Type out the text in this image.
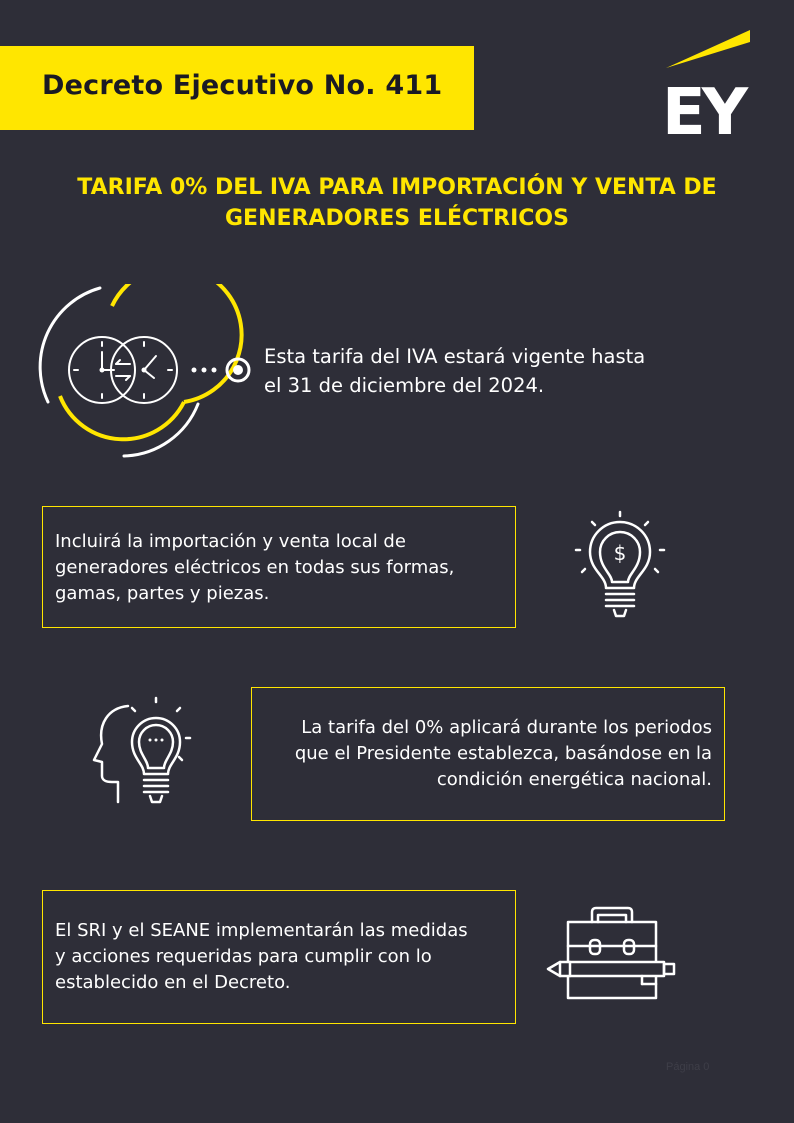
Decreto Ejecutivo No. 411	EY
TARIFA 0% DEL IVA PARA IMPORTACIÓN Y VENTA DE
GENERADORES ELÉCTRICOS
Esta tarifa del IVA estará vigente hasta
el 31 de diciembre del 2024.

Incluirá la importación y venta local de

generadores eléctricos en todas sus formas,

gamas, partes y piezas.

$

La tarifa del 0% aplicará durante los periodos

que el Presidente establezca, basándose en la

condición energética nacional.

El SRI y el SEANE implementarán las medidas

y acciones requeridas para cumplir con lo

establecido en el Decreto.

Página 0
